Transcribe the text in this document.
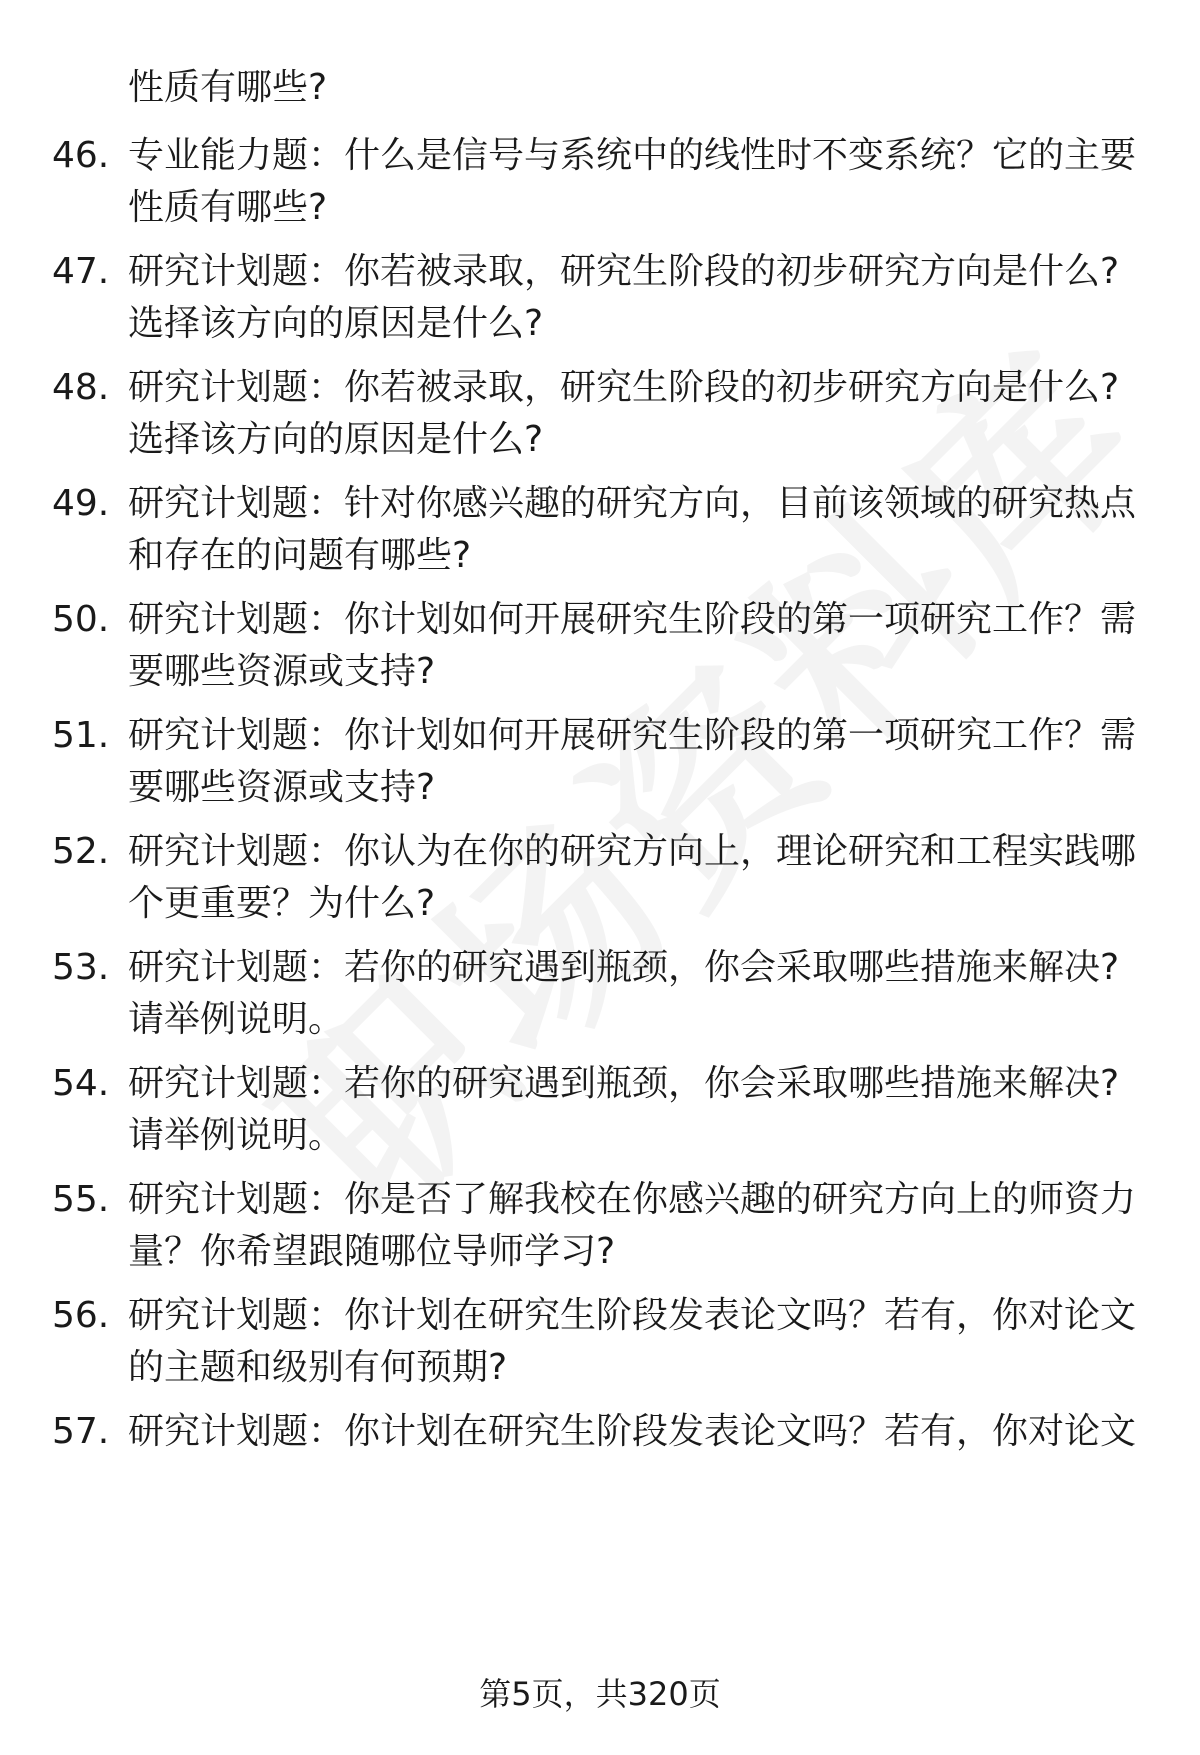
性质有哪些?

46. 专业能力题：什么是信号与系统中的线性时不变系统？它的主要性质有哪些?
47. 研究计划题：你若被录取，研究生阶段的初步研究方向是什么?选择该方向的原因是什么?
48. 研究计划题：你若被录取，研究生阶段的初步研究方向是什么?选择该方向的原因是什么?
49. 研究计划题：针对你感兴趣的研究方向，目前该领域的研究热点和存在的问题有哪些?
50. 研究计划题：你计划如何开展研究生阶段的第一项研究工作？需要哪些资源或支持?
51. 研究计划题：你计划如何开展研究生阶段的第一项研究工作？需要哪些资源或支持?
52. 研究计划题：你认为在你的研究方向上，理论研究和工程实践哪个更重要？为什么?
53. 研究计划题：若你的研究遇到瓶颈，你会采取哪些措施来解决?请举例说明。
54. 研究计划题：若你的研究遇到瓶颈，你会采取哪些措施来解决?请举例说明。
55. 研究计划题：你是否了解我校在你感兴趣的研究方向上的师资力量？你希望跟随哪位导师学习?
56. 研究计划题：你计划在研究生阶段发表论文吗？若有，你对论文的主题和级别有何预期?
57. 研究计划题：你计划在研究生阶段发表论文吗？若有，你对论文
第5页，共320页
